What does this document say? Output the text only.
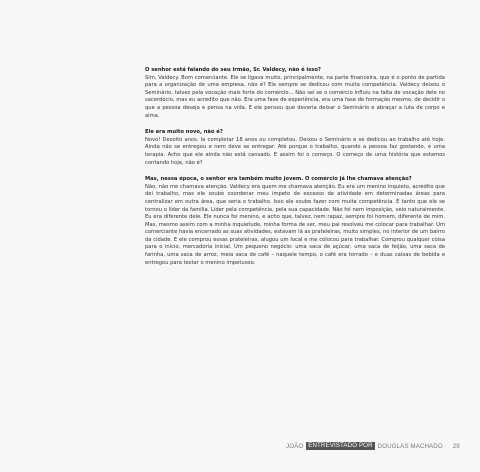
O senhor está falando do seu irmão, Sr. Valdecy, não é isso?
Sim, Valdecy. Bom comerciante. Ele se ligava muito, principalmente, na parte financeira, que é o ponto de partida para a organização de uma empresa, não é? Ele sempre se dedicou com muita competência. Valdecy deixou o Seminário, talvez pela vocação mais forte do comércio... Não sei se o comércio influiu na falta de vocação dele no sacerdócio, mas eu acredito que não. Era uma fase de experiência, era uma fase de formação mesmo, de decidir o que a pessoa deseja e pensa na vida. E ele pensou que deveria deixar o Seminário e abraçar a luta de corpo e alma.
Ele era muito novo, não é?
Novo! Dezoito anos. Ia completar 18 anos ou completou. Deixou o Seminário e se dedicou ao trabalho até hoje. Ainda não se entregou e nem deve se entregar. Até porque o trabalho, quando a pessoa faz gostando, é uma terapia. Acho que ele ainda não está cansado. E assim foi o começo. O começo de uma história que estamos contando hoje, não é?
Mas, nessa época, o senhor era também muito jovem. O comércio já lhe chamava atenção?
Não, não me chamava atenção. Valdecy era quem me chamava atenção. Eu era um menino inquieto, acredito que dei trabalho, mas ele soube coordenar meu ímpeto de excesso de atividade em determinadas áreas para centralizar em outra área, que seria o trabalho. Isso ele soube fazer com muita competência. É tanto que ele se tornou o líder da família. Líder pela competência, pela sua capacidade. Não foi nem imposição, veio naturalmente. Eu era diferente dele. Ele nunca foi menino, e acho que, talvez, nem rapaz, sempre foi homem, diferente de mim. Mas, mesmo assim com a minha inquietude, minha forma de ser, meu pai resolveu me colocar para trabalhar. Um comerciante havia encerrado as suas atividades, estavam lá as prateleiras, muito simples, no interior de um bairro da cidade. E ele comprou essas prateleiras, alugou um local e me colocou para trabalhar. Comprou qualquer coisa para o início, mercadoria inicial. Um pequeno negócio: uma saca de açúcar, uma saca de feijão, uma saca de farinha, uma saca de arroz, meia saca de café – naquele tempo, o café era torrado – e duas caixas de bebida e entregou para testar o menino impetuoso.
JOÃO ENTREVISTADO POR DOUGLAS MACHADO 29
